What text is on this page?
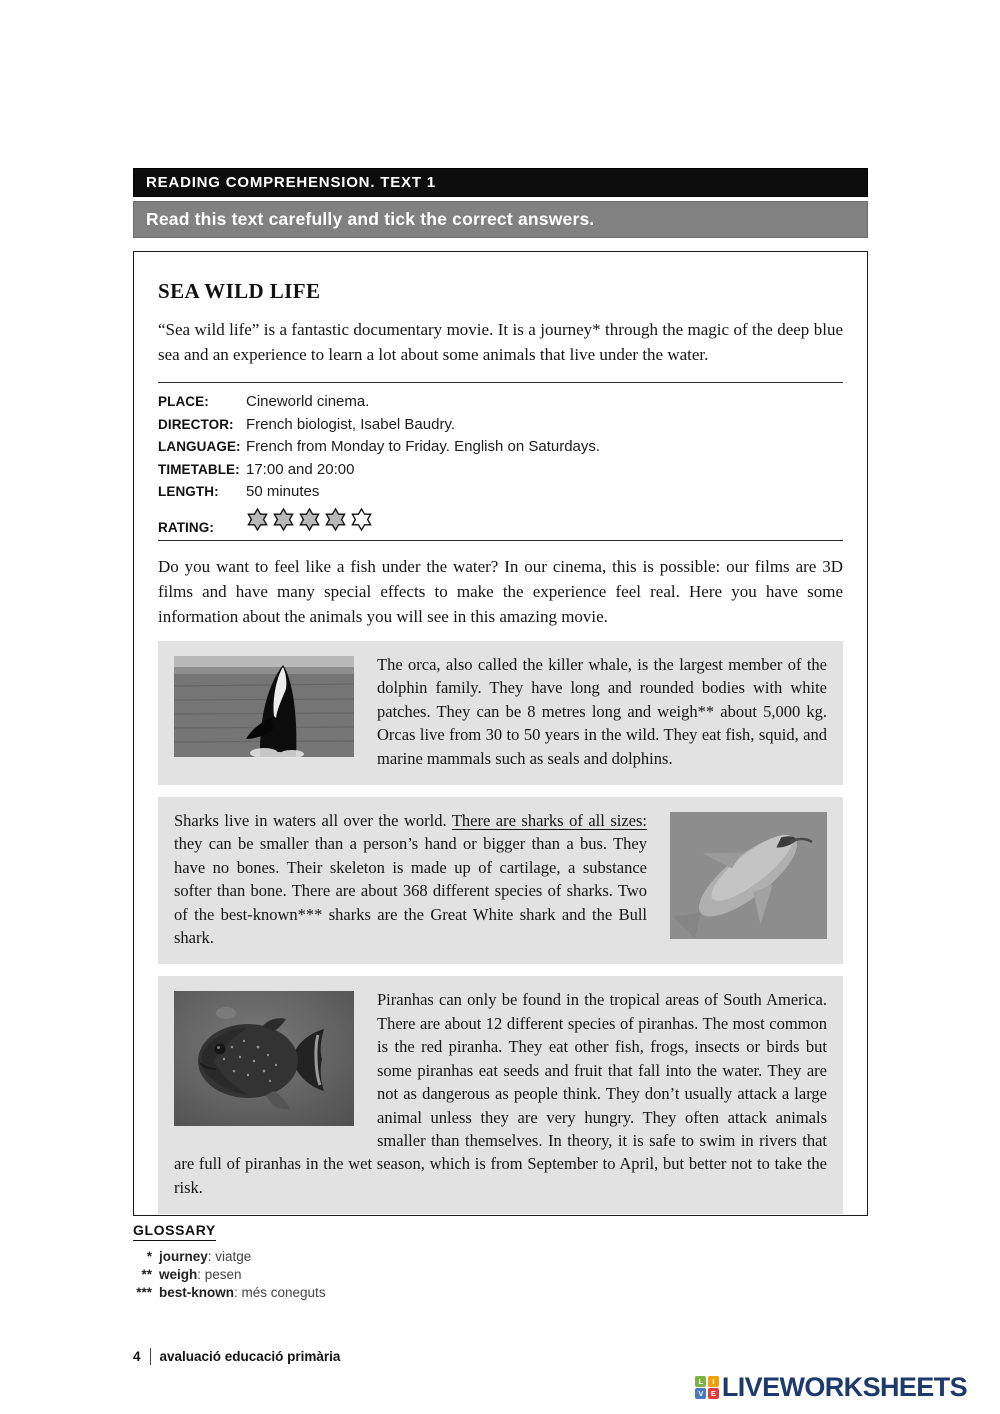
READING COMPREHENSION. TEXT 1
Read this text carefully and tick the correct answers.
SEA WILD LIFE

“Sea wild life” is a fantastic documentary movie. It is a journey* through the magic of the deep blue sea and an experience to learn a lot about some animals that live under the water.

PLACE:	Cineworld cinema.
DIRECTOR: French biologist, Isabel Baudry.
LANGUAGE: French from Monday to Friday. English on Saturdays.
TIMETABLE: 17:00 and 20:00
LENGTH:	50 minutes
RATING:

Do you want to feel like a fish under the water? In our cinema, this is possible: our films are 3D films and have many special effects to make the experience feel real. Here you have some information about the animals you will see in this amazing movie.

The orca, also called the killer whale, is the largest member of the dolphin family. They have long and rounded bodies with white patches. They can be 8 metres long and weigh** about 5,000 kg. Orcas live from 30 to 50 years in the wild. They eat fish, squid, and marine mammals such as seals and dolphins.

Sharks live in waters all over the world. There are sharks of all sizes: they can be smaller than a person’s hand or bigger than a bus. They have no bones. Their skeleton is made up of cartilage, a substance softer than bone. There are about 368 different species of sharks. Two of the best-known*** sharks are the Great White shark and the Bull shark.

Piranhas can only be found in the tropical areas of South America. There are about 12 different species of piranhas. The most common is the red piranha. They eat other fish, frogs, insects or birds but some piranhas eat seeds and fruit that fall into the water. They are not as dangerous as people think. They don’t usually attack a large animal unless they are very hungry. They often attack animals smaller than themselves. In theory, it is safe to swim in rivers that are full of piranhas in the wet season, which is from September to April, but better not to take the risk.

GLOSSARY
* journey: viatge
** weigh: pesen
*** best-known: més coneguts
4 avaluació educació primària
L	I
V E LIVEWORKSHEETS
